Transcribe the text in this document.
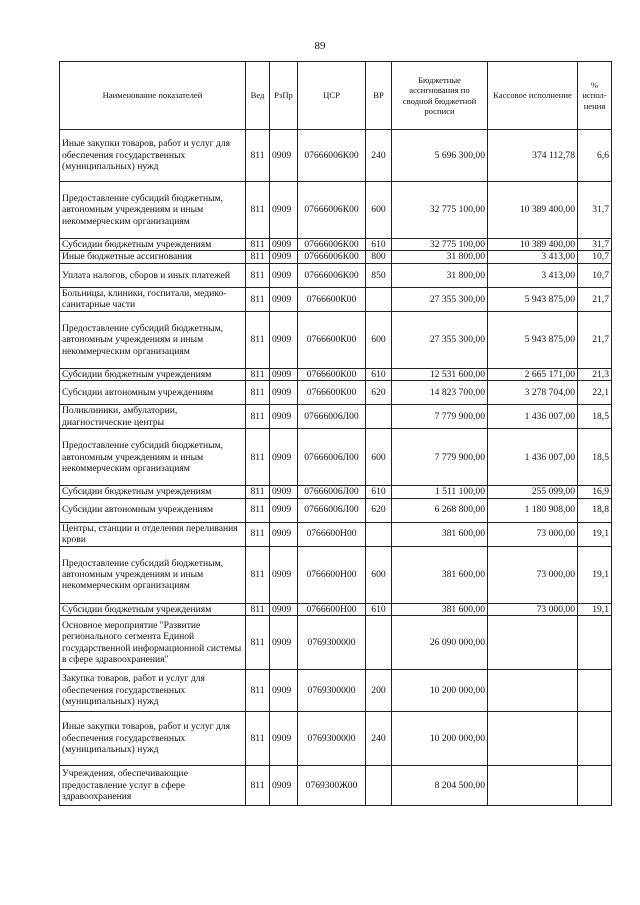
89
Наименование показателей	Вед	РзПр	ЦСР	ВР	Бюджетные ассигнования по сводной бюджетной росписи	Кассовое исполнение	% испол-нения
Иные закупки товаров, работ и услуг для обеспечения государственных (муниципальных) нужд	811	0909	07666006К00	240	5 696 300,00	374 112,78	6,6
Предоставление субсидий бюджетным, автономным учреждениям и иным некоммерческим организациям	811	0909	07666006К00	600	32 775 100,00	10 389 400,00	31,7
Субсидии бюджетным учреждениям	811	0909	07666006К00	610	32 775 100,00	10 389 400,00	31,7
Иные бюджетные ассигнования	811	0909	07666006К00	800	31 800,00	3 413,00	10,7
Уплата налогов, сборов и иных платежей	811	0909	07666006К00	850	31 800,00	3 413,00	10,7
Больницы, клиники, госпитали, медико-санитарные части	811	0909	0766600К00		27 355 300,00	5 943 875,00	21,7
Предоставление субсидий бюджетным, автономным учреждениям и иным некоммерческим организациям	811	0909	0766600К00	600	27 355 300,00	5 943 875,00	21,7
Субсидии бюджетным учреждениям	811	0909	0766600К00	610	12 531 600,00	2 665 171,00	21,3
Субсидии автономным учреждениям	811	0909	0766600К00	620	14 823 700,00	3 278 704,00	22,1
Поликлиники, амбулатории, диагностические центры	811	0909	07666006Л00		7 779 900,00	1 436 007,00	18,5
Предоставление субсидий бюджетным, автономным учреждениям и иным некоммерческим организациям	811	0909	07666006Л00	600	7 779 900,00	1 436 007,00	18,5
Субсидии бюджетным учреждениям	811	0909	07666006Л00	610	1 511 100,00	255 099,00	16,9
Субсидии автономным учреждениям	811	0909	07666006Л00	620	6 268 800,00	1 180 908,00	18,8
Центры, станции и отделения переливания крови	811	0909	0766600Н00		381 600,00	73 000,00	19,1
Предоставление субсидий бюджетным, автономным учреждениям и иным некоммерческим организациям	811	0909	0766600Н00	600	381 600,00	73 000,00	19,1
Субсидии бюджетным учреждениям	811	0909	0766600Н00	610	381 600,00	73 000,00	19,1
Основное мероприятие "Развитие регионального сегмента Единой государственной информационной системы в сфере здравоохранения"	811	0909	0769300000		26 090 000,00		
Закупка товаров, работ и услуг для обеспечения государственных (муниципальных) нужд	811	0909	0769300000	200	10 200 000,00		
Иные закупки товаров, работ и услуг для обеспечения государственных (муниципальных) нужд	811	0909	0769300000	240	10 200 000,00		
Учреждения, обеспечивающие предоставление услуг в сфере здравоохранения	811	0909	0769300Ж00		8 204 500,00		
